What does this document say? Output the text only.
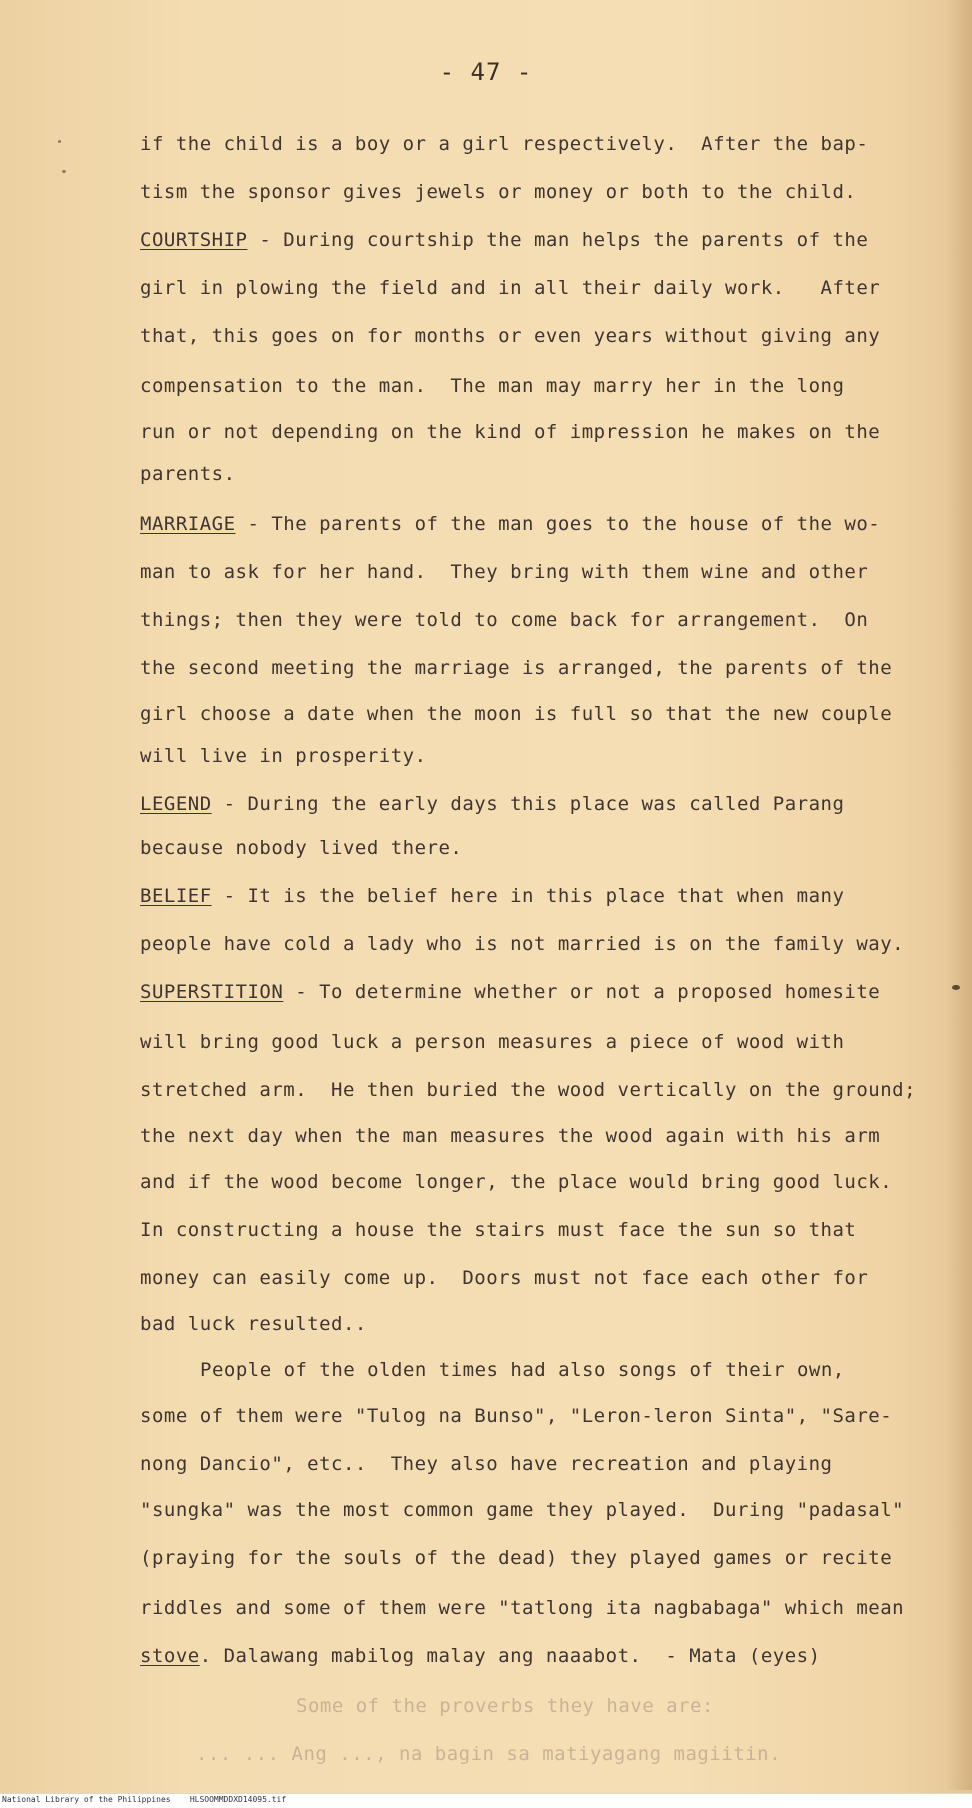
- 47 -
if the child is a boy or a girl respectively.  After the bap-
tism the sponsor gives jewels or money or both to the child.
COURTSHIP - During courtship the man helps the parents of the
girl in plowing the field and in all their daily work.   After
that, this goes on for months or even years without giving any
compensation to the man.  The man may marry her in the long
run or not depending on the kind of impression he makes on the
parents.
MARRIAGE - The parents of the man goes to the house of the wo-
man to ask for her hand.  They bring with them wine and other
things; then they were told to come back for arrangement.  On
the second meeting the marriage is arranged, the parents of the
girl choose a date when the moon is full so that the new couple
will live in prosperity.
LEGEND - During the early days this place was called Parang
because nobody lived there.
BELIEF - It is the belief here in this place that when many
people have cold a lady who is not married is on the family way.
SUPERSTITION - To determine whether or not a proposed homesite
will bring good luck a person measures a piece of wood with
stretched arm.  He then buried the wood vertically on the ground;
the next day when the man measures the wood again with his arm
and if the wood become longer, the place would bring good luck.
In constructing a house the stairs must face the sun so that
money can easily come up.  Doors must not face each other for
bad luck resulted..
People of the olden times had also songs of their own,
some of them were "Tulog na Bunso", "Leron-leron Sinta", "Sare-
nong Dancio", etc..  They also have recreation and playing
"sungka" was the most common game they played.  During "padasal"
(praying for the souls of the dead) they played games or recite
riddles and some of them were "tatlong ita nagbabaga" which mean
stove. Dalawang mabilog malay ang naaabot.  - Mata (eyes)
Some of the proverbs they have are:
... ... Ang ..., na bagin sa matiyagang magiitin.
National Library of the Philippines HLSOOMMDDXD14095.tif
